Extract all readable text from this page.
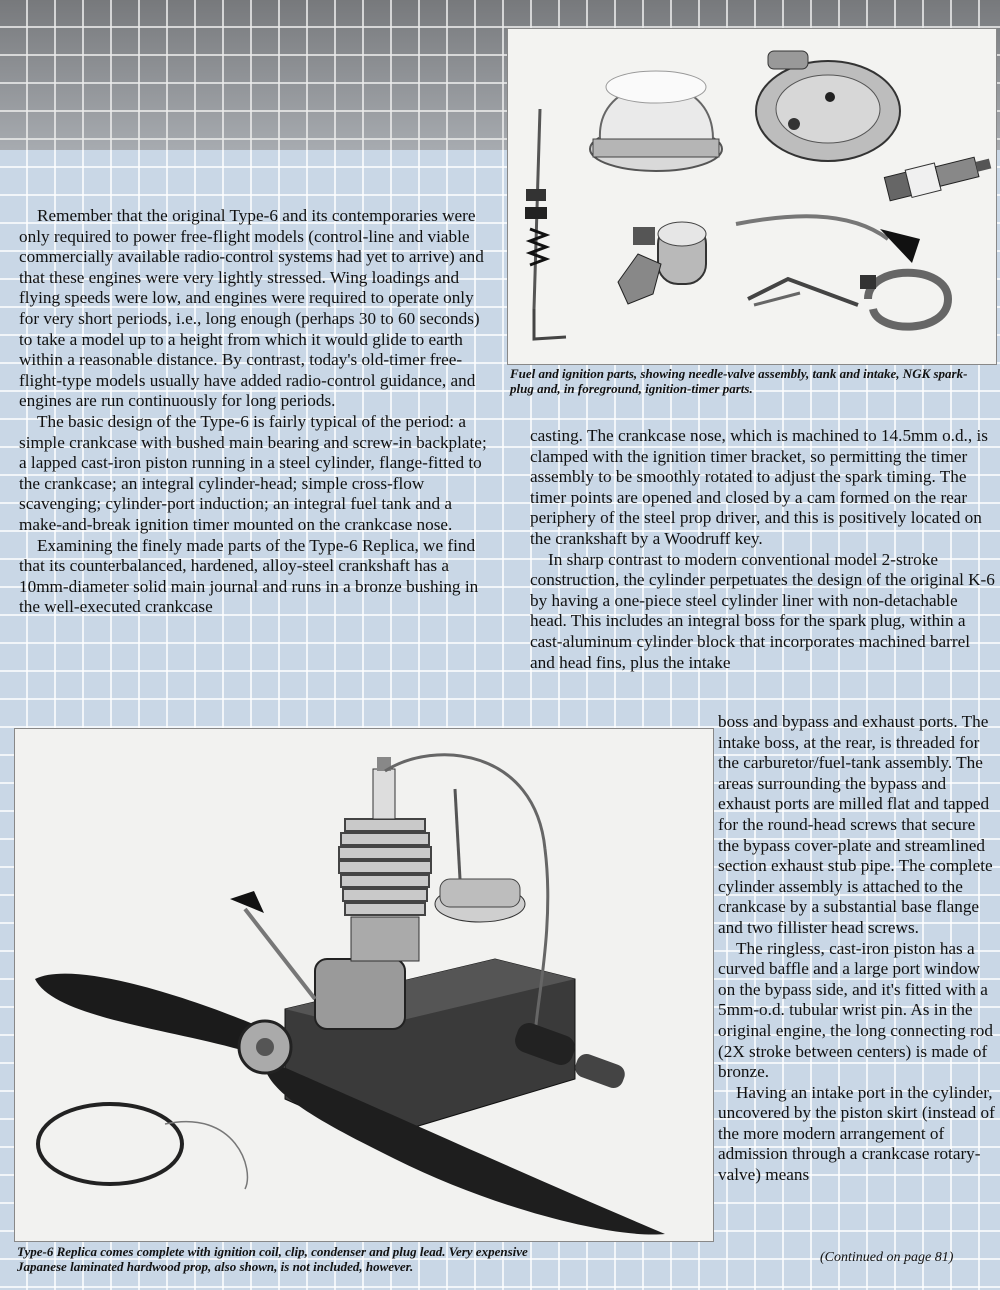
Fuel and ignition parts, showing needle-valve assembly, tank and intake, NGK spark-plug and, in foreground, ignition-timer parts.

Remember that the original Type-6 and its contemporaries were only required to power free-flight models (control-line and viable commercially available radio-control systems had yet to arrive) and that these engines were very lightly stressed. Wing loadings and flying speeds were low, and engines were required to operate only for very short periods, i.e., long enough (perhaps 30 to 60 seconds) to take a model up to a height from which it would glide to earth within a reasonable distance. By contrast, today's old-timer free-flight-type models usually have added radio-control guidance, and engines are run continuously for long periods.

The basic design of the Type-6 is fairly typical of the period: a simple crankcase with bushed main bearing and screw-in backplate; a lapped cast-iron piston running in a steel cylinder, flange-fitted to the crankcase; an integral cylinder-head; simple cross-flow scavenging; cylinder-port induction; an integral fuel tank and a make-and-break ignition timer mounted on the crankcase nose.

Examining the finely made parts of the Type-6 Replica, we find that its counterbalanced, hardened, alloy-steel crankshaft has a 10mm-diameter solid main journal and runs in a bronze bushing in the well-executed crankcase

casting. The crankcase nose, which is machined to 14.5mm o.d., is clamped with the ignition timer bracket, so permitting the timer assembly to be smoothly rotated to adjust the spark timing. The timer points are opened and closed by a cam formed on the rear periphery of the steel prop driver, and this is positively located on the crankshaft by a Woodruff key.

In sharp contrast to modern conventional model 2-stroke construction, the cylinder perpetuates the design of the original K-6 by having a one-piece steel cylinder liner with non-detachable head. This includes an integral boss for the spark plug, within a cast-aluminum cylinder block that incorporates machined barrel and head fins, plus the intake

boss and bypass and exhaust ports. The intake boss, at the rear, is threaded for the carburetor/fuel-tank assembly. The areas surrounding the bypass and exhaust ports are milled flat and tapped for the round-head screws that secure the bypass cover-plate and streamlined section exhaust stub pipe. The complete cylinder assembly is attached to the crankcase by a substantial base flange and two fillister head screws.

The ringless, cast-iron piston has a curved baffle and a large port window on the bypass side, and it's fitted with a 5mm-o.d. tubular wrist pin. As in the original engine, the long connecting rod (2X stroke between centers) is made of bronze.

Having an intake port in the cylinder, uncovered by the piston skirt (instead of the more modern arrangement of admission through a crankcase rotary-valve) means

(Continued on page 81)
Type-6 Replica comes complete with ignition coil, clip, condenser and plug lead. Very expensive
Japanese laminated hardwood prop, also shown, is not included, however.
